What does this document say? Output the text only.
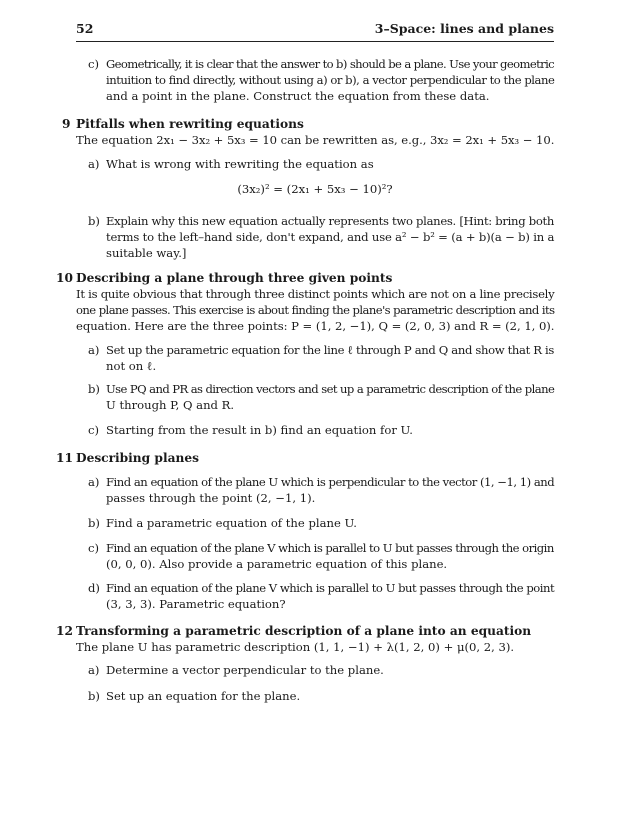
52	3–Space: lines and planes
c) Geometrically, it is clear that the answer to b) should be a plane. Use your geometric
intuition to find directly, without using a) or b), a vector perpendicular to the plane
and a point in the plane. Construct the equation from these data.
9 Pitfalls when rewriting equations
The equation 2x₁ − 3x₂ + 5x₃ = 10 can be rewritten as, e.g., 3x₂ = 2x₁ + 5x₃ − 10.
a) What is wrong with rewriting the equation as
(3x₂)² = (2x₁ + 5x₃ − 10)²?
b) Explain why this new equation actually represents two planes. [Hint: bring both
terms to the left–hand side, don't expand, and use a² − b² = (a + b)(a − b) in a
suitable way.]
10 Describing a plane through three given points
It is quite obvious that through three distinct points which are not on a line precisely
one plane passes. This exercise is about finding the plane's parametric description and its
equation. Here are the three points: P = (1, 2, −1), Q = (2, 0, 3) and R = (2, 1, 0).
a) Set up the parametric equation for the line ℓ through P and Q and show that R is
not on ℓ.
b) Use PQ and PR as direction vectors and set up a parametric description of the plane
U through P, Q and R.
c) Starting from the result in b) find an equation for U.
11 Describing planes
a) Find an equation of the plane U which is perpendicular to the vector (1, −1, 1) and
passes through the point (2, −1, 1).
b) Find a parametric equation of the plane U.
c) Find an equation of the plane V which is parallel to U but passes through the origin
(0, 0, 0). Also provide a parametric equation of this plane.
d) Find an equation of the plane V which is parallel to U but passes through the point
(3, 3, 3). Parametric equation?
12 Transforming a parametric description of a plane into an equation
The plane U has parametric description (1, 1, −1) + λ(1, 2, 0) + μ(0, 2, 3).
a) Determine a vector perpendicular to the plane.
b) Set up an equation for the plane.
